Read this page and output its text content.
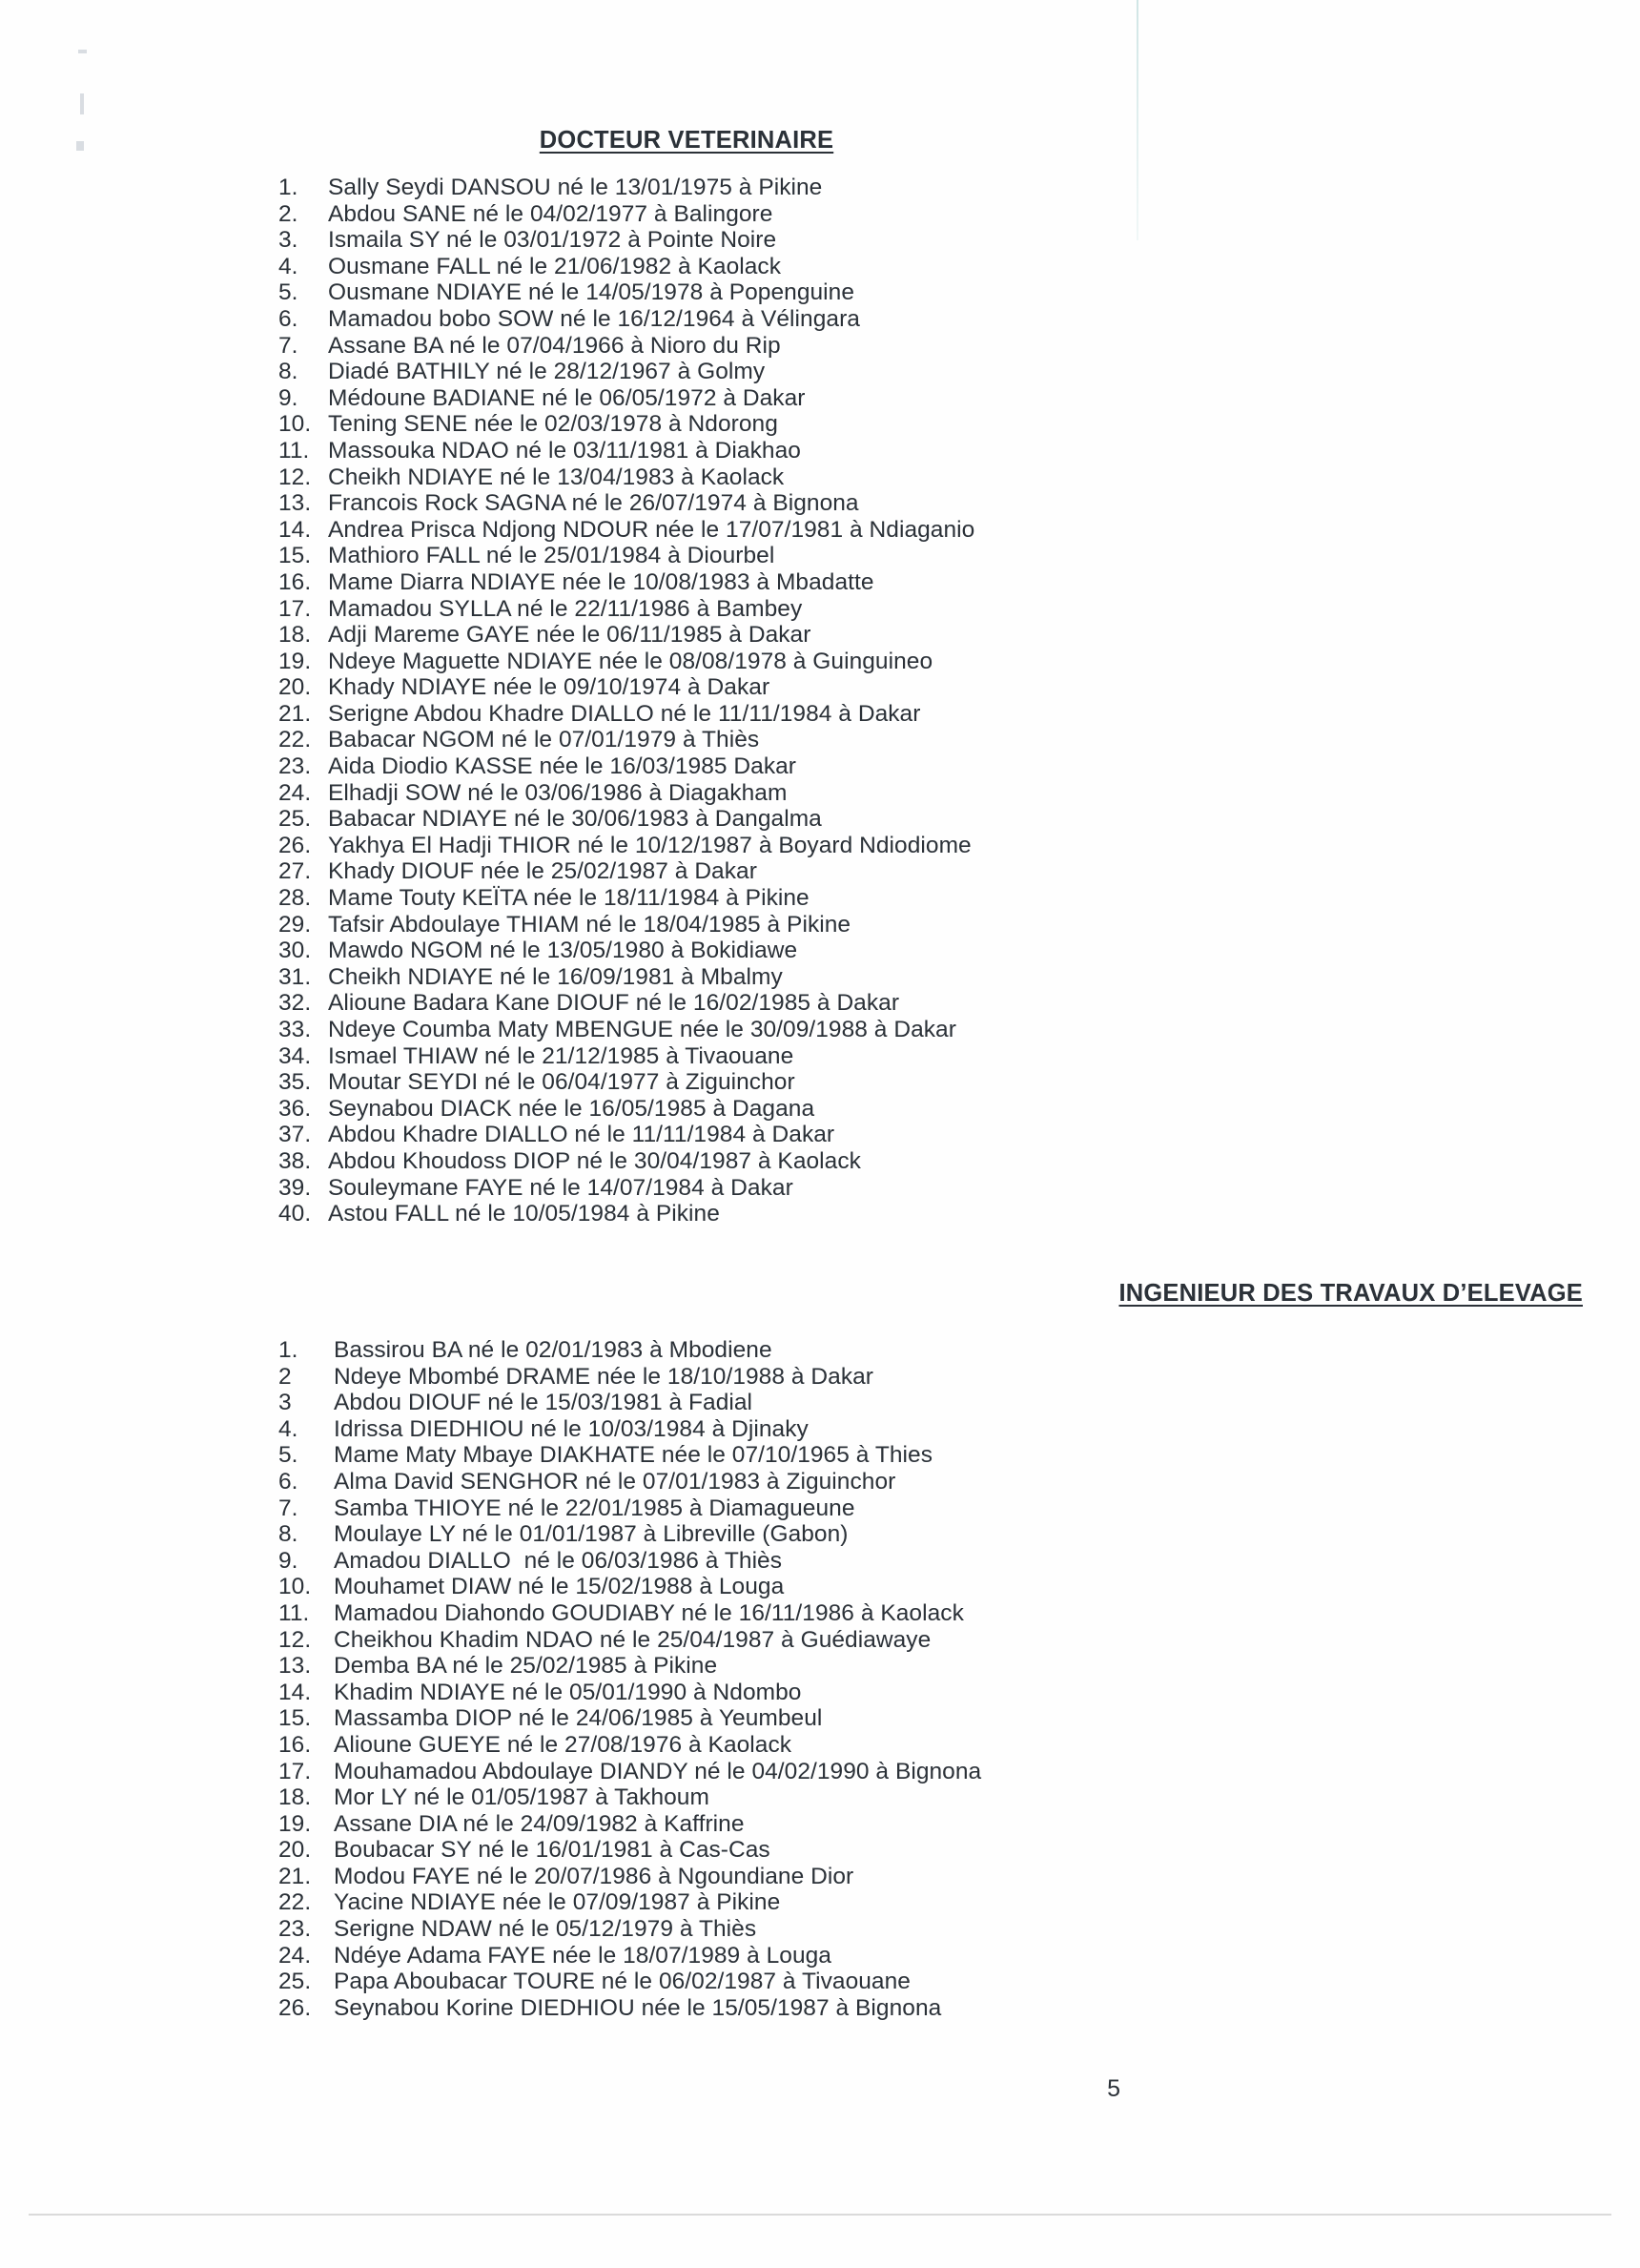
DOCTEUR VETERINAIRE
1.	Sally Seydi DANSOU né le 13/01/1975 à Pikine
2.	Abdou SANE né le 04/02/1977 à Balingore
3.	Ismaila SY né le 03/01/1972 à Pointe Noire
4.	Ousmane FALL né le 21/06/1982 à Kaolack
5.	Ousmane NDIAYE né le 14/05/1978 à Popenguine
6.	Mamadou bobo SOW né le 16/12/1964 à Vélingara
7.	Assane BA né le 07/04/1966 à Nioro du Rip
8.	Diadé BATHILY né le 28/12/1967 à Golmy
9.	Médoune BADIANE né le 06/05/1972 à Dakar
10. Tening SENE née le 02/03/1978 à Ndorong
11. Massouka NDAO né le 03/11/1981 à Diakhao
12. Cheikh NDIAYE né le 13/04/1983 à Kaolack
13. Francois Rock SAGNA né le 26/07/1974 à Bignona
14. Andrea Prisca Ndjong NDOUR née le 17/07/1981 à Ndiaganio
15. Mathioro FALL né le 25/01/1984 à Diourbel
16. Mame Diarra NDIAYE née le 10/08/1983 à Mbadatte
17. Mamadou SYLLA né le 22/11/1986 à Bambey
18. Adji Mareme GAYE née le 06/11/1985 à Dakar
19. Ndeye Maguette NDIAYE née le 08/08/1978 à Guinguineo
20. Khady NDIAYE née le 09/10/1974 à Dakar
21. Serigne Abdou Khadre DIALLO né le 11/11/1984 à Dakar
22. Babacar NGOM né le 07/01/1979 à Thiès
23. Aida Diodio KASSE née le 16/03/1985 Dakar
24. Elhadji SOW né le 03/06/1986 à Diagakham
25. Babacar NDIAYE né le 30/06/1983 à Dangalma
26. Yakhya El Hadji THIOR né le 10/12/1987 à Boyard Ndiodiome
27. Khady DIOUF née le 25/02/1987 à Dakar
28. Mame Touty KEÏTA née le 18/11/1984 à Pikine
29. Tafsir Abdoulaye THIAM né le 18/04/1985 à Pikine
30. Mawdo NGOM né le 13/05/1980 à Bokidiawe
31. Cheikh NDIAYE né le 16/09/1981 à Mbalmy
32. Alioune Badara Kane DIOUF né le 16/02/1985 à Dakar
33. Ndeye Coumba Maty MBENGUE née le 30/09/1988 à Dakar
34. Ismael THIAW né le 21/12/1985 à Tivaouane
35. Moutar SEYDI né le 06/04/1977 à Ziguinchor
36. Seynabou DIACK née le 16/05/1985 à Dagana
37. Abdou Khadre DIALLO né le 11/11/1984 à Dakar
38. Abdou Khoudoss DIOP né le 30/04/1987 à Kaolack
39. Souleymane FAYE né le 14/07/1984 à Dakar
40. Astou FALL né le 10/05/1984 à Pikine
INGENIEUR DES TRAVAUX D’ELEVAGE
1.	Bassirou BA né le 02/01/1983 à Mbodiene
2	Ndeye Mbombé DRAME née le 18/10/1988 à Dakar
3	Abdou DIOUF né le 15/03/1981 à Fadial
4.	Idrissa DIEDHIOU né le 10/03/1984 à Djinaky
5.	Mame Maty Mbaye DIAKHATE née le 07/10/1965 à Thies
6.	Alma David SENGHOR né le 07/01/1983 à Ziguinchor
7.	Samba THIOYE né le 22/01/1985 à Diamagueune
8.	Moulaye LY né le 01/01/1987 à Libreville (Gabon)
9.	Amadou DIALLO  né le 06/03/1986 à Thiès
10. Mouhamet DIAW né le 15/02/1988 à Louga
11.	Mamadou Diahondo GOUDIABY né le 16/11/1986 à Kaolack
12. Cheikhou Khadim NDAO né le 25/04/1987 à Guédiawaye
13. Demba BA né le 25/02/1985 à Pikine
14. Khadim NDIAYE né le 05/01/1990 à Ndombo
15. Massamba DIOP né le 24/06/1985 à Yeumbeul
16. Alioune GUEYE né le 27/08/1976 à Kaolack
17. Mouhamadou Abdoulaye DIANDY né le 04/02/1990 à Bignona
18. Mor LY né le 01/05/1987 à Takhoum
19. Assane DIA né le 24/09/1982 à Kaffrine
20. Boubacar SY né le 16/01/1981 à Cas-Cas
21. Modou FAYE né le 20/07/1986 à Ngoundiane Dior
22. Yacine NDIAYE née le 07/09/1987 à Pikine
23. Serigne NDAW né le 05/12/1979 à Thiès
24. Ndéye Adama FAYE née le 18/07/1989 à Louga
25. Papa Aboubacar TOURE né le 06/02/1987 à Tivaouane
26. Seynabou Korine DIEDHIOU née le 15/05/1987 à Bignona
5
